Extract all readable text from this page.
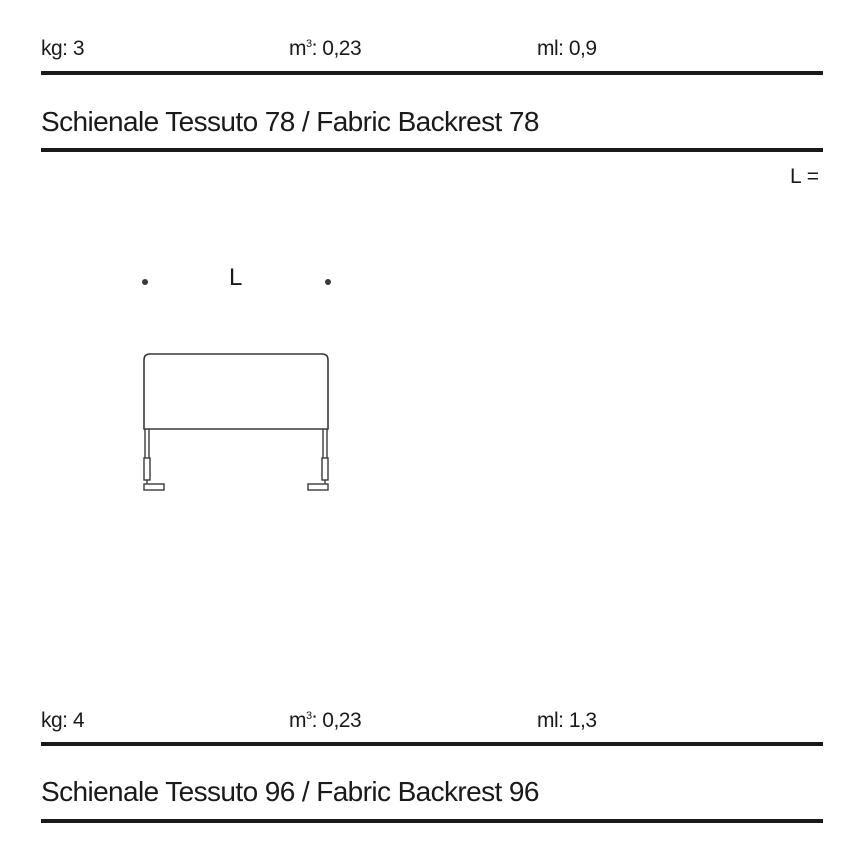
kg: 3	$m^3$: 0,23	ml: 0,9
Schienale Tessuto 78 / Fabric Backrest 78
L =
L
kg: 4	$m^3$: 0,23	ml: 1,3
Schienale Tessuto 96 / Fabric Backrest 96
